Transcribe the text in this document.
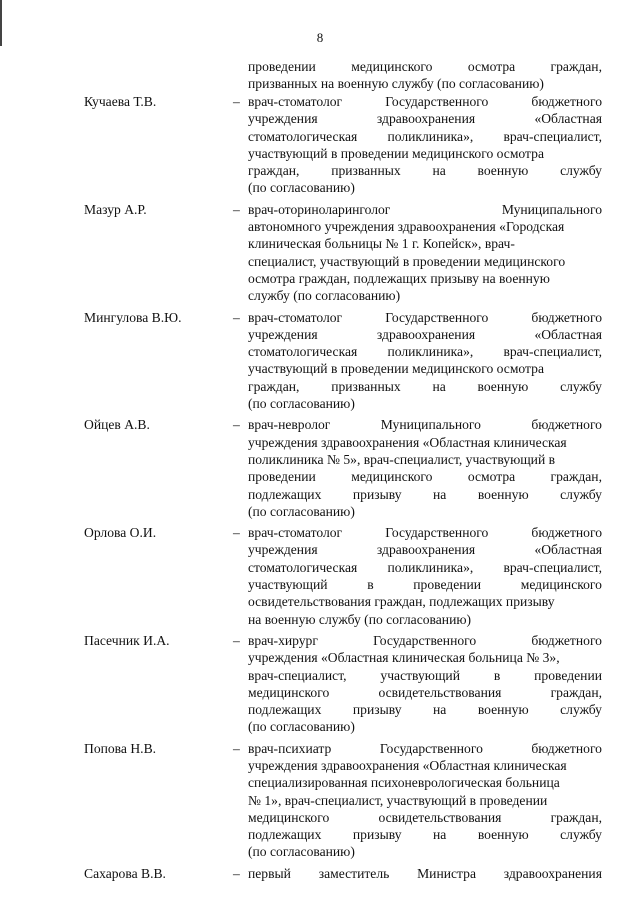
8
проведении	медицинского	осмотра	граждан,
призванных на военную службу (по согласованию)
Кучаева Т.В.	– врач-стоматолог	Государственного	бюджетного
учреждения	здравоохранения	«Областная
стоматологическая поликлиника», врач-специалист,
участвующий в проведении медицинского осмотра
граждан, призванных на военную службу
(по согласованию)
Мазур А.Р.	– врач-оториноларинголог	Муниципального
автономного учреждения здравоохранения «Городская
клиническая больницы № 1 г. Копейск», врач-
специалист, участвующий в проведении медицинского
осмотра граждан, подлежащих призыву на военную
службу (по согласованию)
Мингулова В.Ю.	– врач-стоматолог	Государственного	бюджетного
учреждения	здравоохранения	«Областная
стоматологическая поликлиника», врач-специалист,
участвующий в проведении медицинского осмотра
граждан, призванных на военную службу
(по согласованию)
Ойцев А.В.	– врач-невролог	Муниципального	бюджетного
учреждения здравоохранения «Областная клиническая
поликлиника № 5», врач-специалист, участвующий в
проведении	медицинского	осмотра	граждан,
подлежащих призыву на военную службу
(по согласованию)
Орлова О.И.	– врач-стоматолог	Государственного	бюджетного
учреждения	здравоохранения	«Областная
стоматологическая поликлиника», врач-специалист,
участвующий	в	проведении	медицинского
освидетельствования граждан, подлежащих призыву
на военную службу (по согласованию)
Пасечник И.А.	– врач-хирург	Государственного	бюджетного
учреждения «Областная клиническая больница № 3»,
врач-специалист, участвующий в проведении
медицинского	освидетельствования	граждан,
подлежащих призыву на военную службу
(по согласованию)
Попова Н.В.	– врач-психиатр	Государственного	бюджетного
учреждения здравоохранения «Областная клиническая
специализированная психоневрологическая больница
№ 1», врач-специалист, участвующий в проведении
медицинского	освидетельствования	граждан,
подлежащих призыву на военную службу
(по согласованию)
Сахарова В.В.	– первый заместитель Министра здравоохранения
